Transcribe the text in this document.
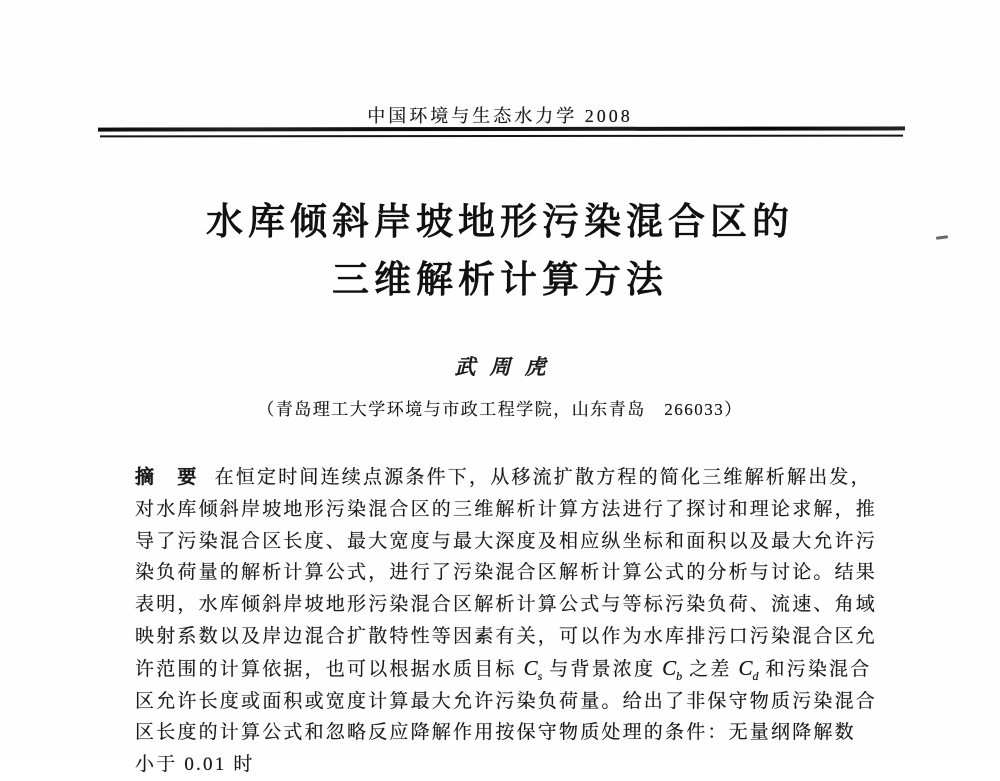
中国环境与生态水力学 2008
水库倾斜岸坡地形污染混合区的
三维解析计算方法
武周虎
（青岛理工大学环境与市政工程学院，山东青岛　266033）
摘　要 在恒定时间连续点源条件下，从移流扩散方程的简化三维解析解出发，
对水库倾斜岸坡地形污染混合区的三维解析计算方法进行了探讨和理论求解，推
导了污染混合区长度、最大宽度与最大深度及相应纵坐标和面积以及最大允许污
染负荷量的解析计算公式，进行了污染混合区解析计算公式的分析与讨论。结果
表明，水库倾斜岸坡地形污染混合区解析计算公式与等标污染负荷、流速、角域
映射系数以及岸边混合扩散特性等因素有关，可以作为水库排污口污染混合区允
许范围的计算依据，也可以根据水质目标 $C_s$ 与背景浓度 $C_b$ 之差 $C_d$ 和污染混合
区允许长度或面积或宽度计算最大允许污染负荷量。给出了非保守物质污染混合
区长度的计算公式和忽略反应降解作用按保守物质处理的条件：无量纲降解数
小于 0.01 时
